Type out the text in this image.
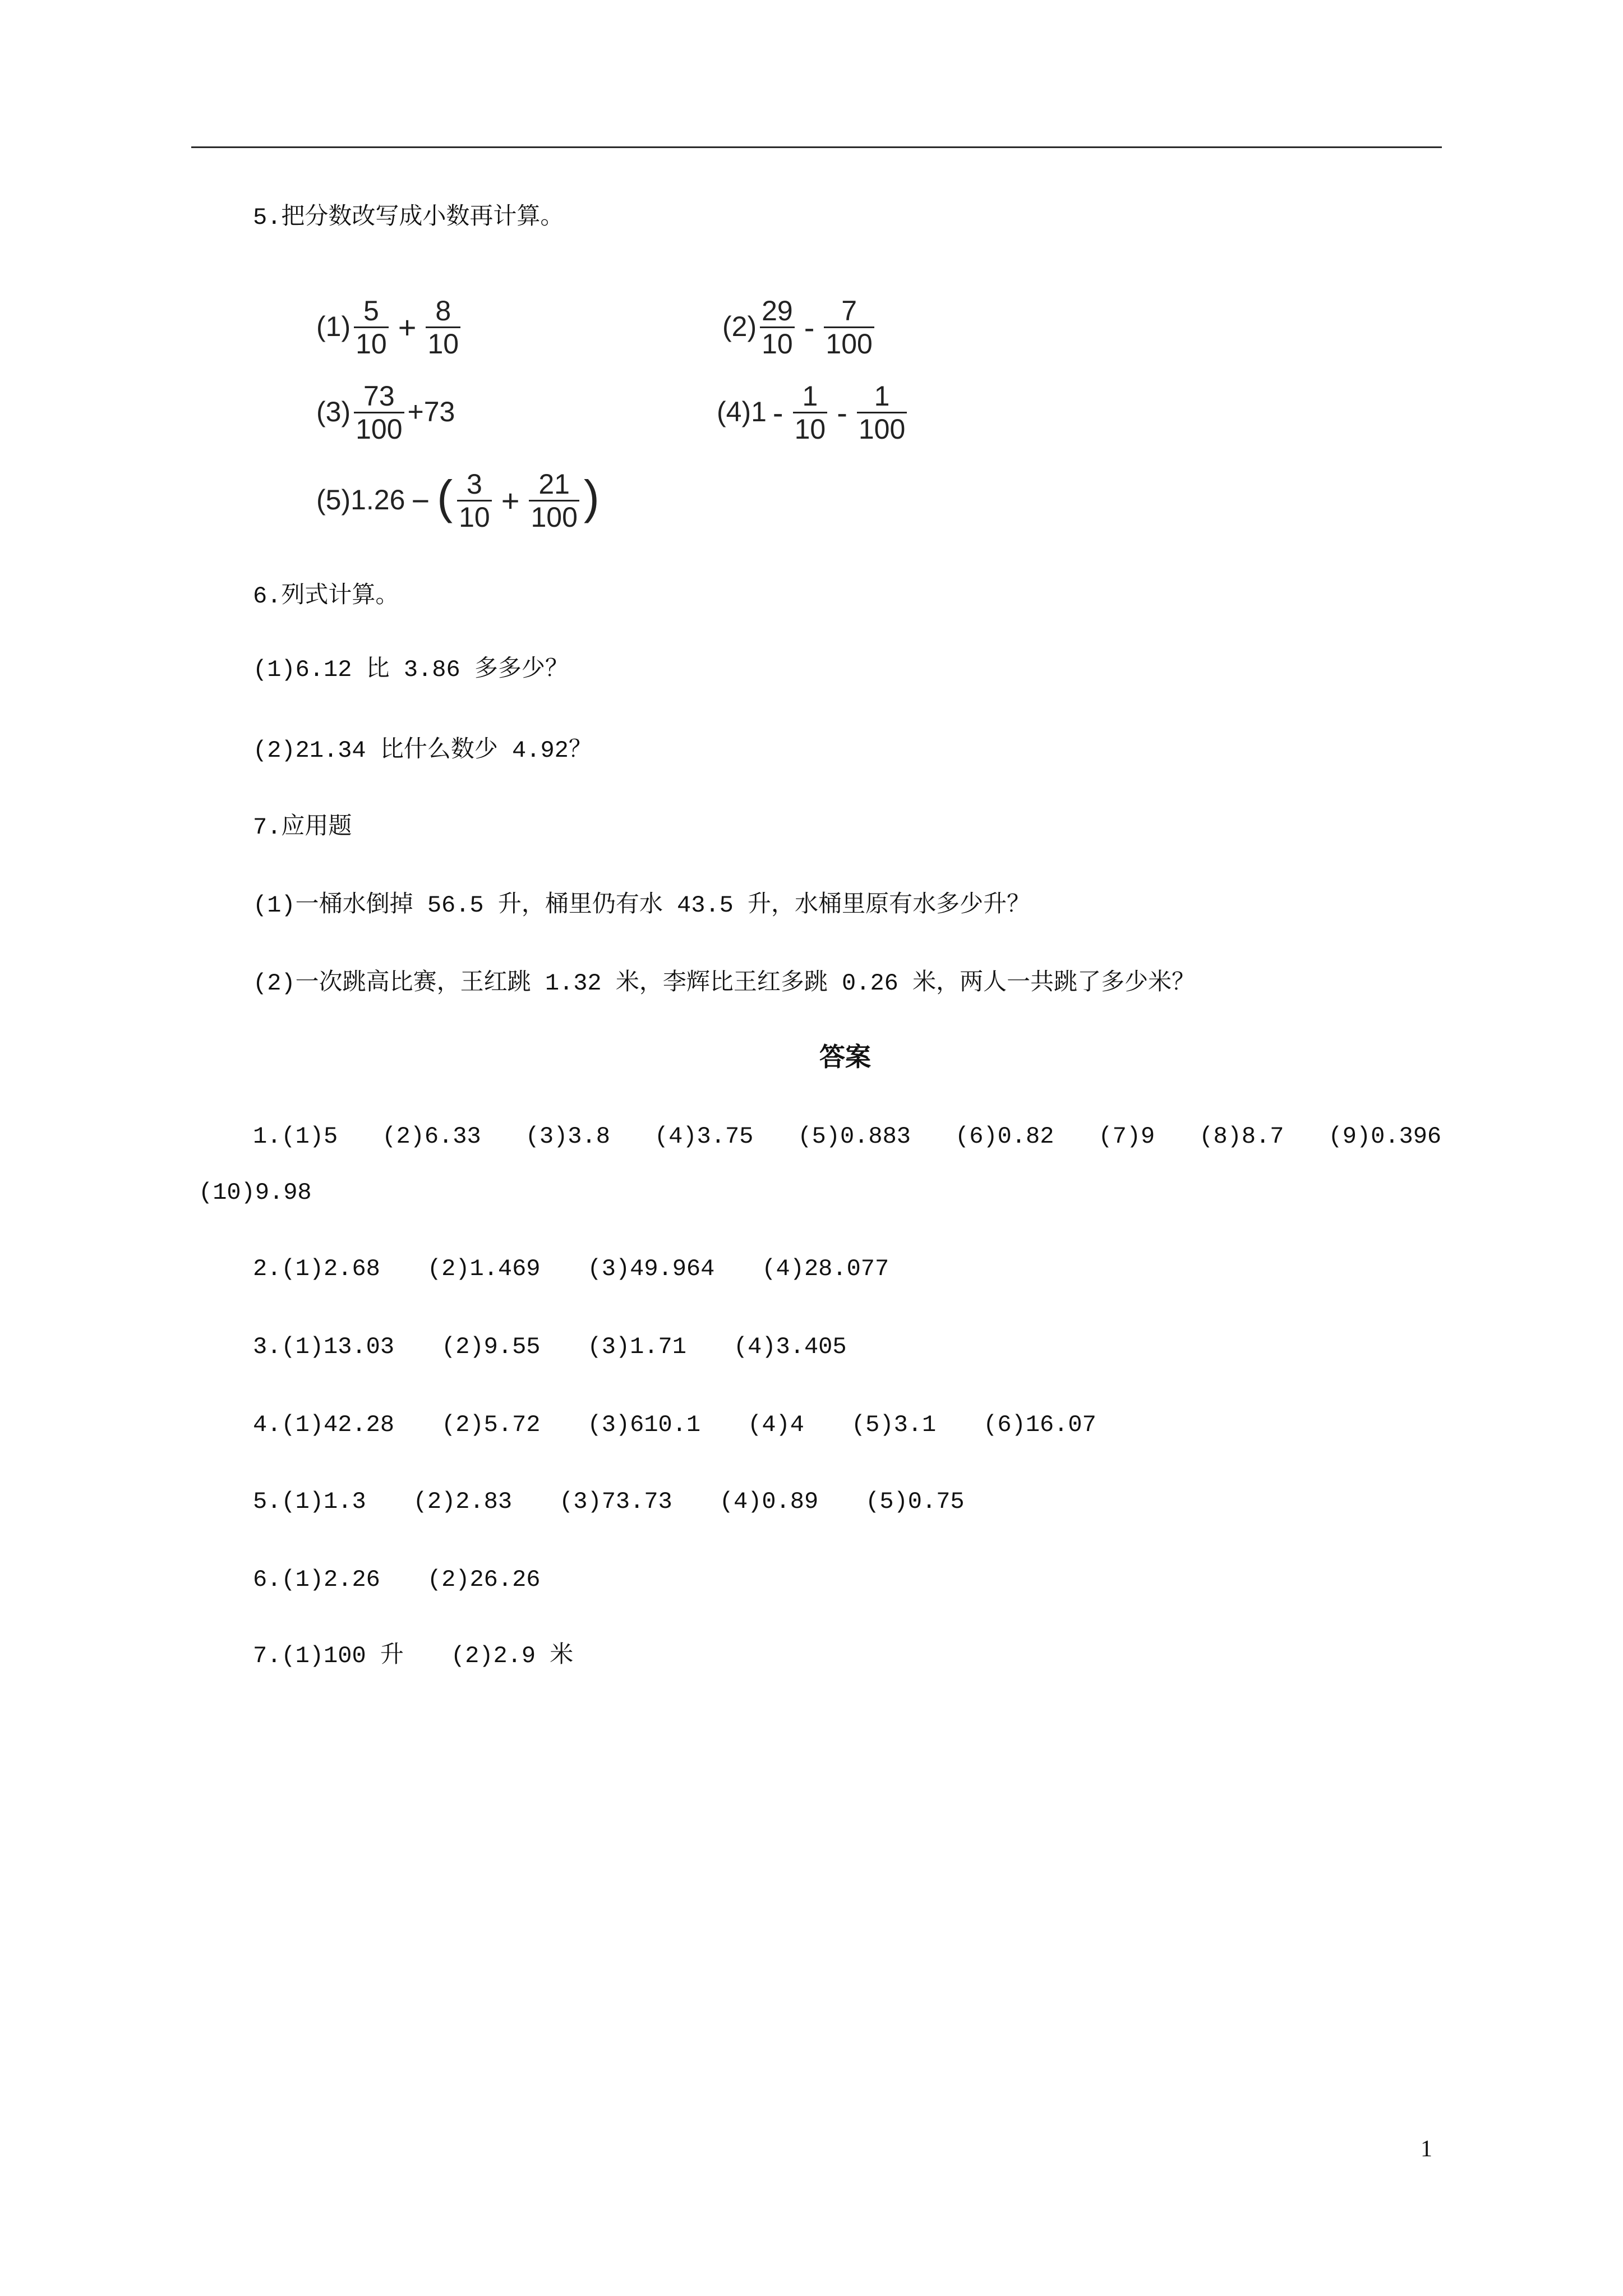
5.把分数改写成小数再计算。
$(1) \frac{5}{10} + \frac{8}{10}$	$(2) \frac{29}{10} - \frac{7}{100}$
$(3) \frac{73}{100} +73$	$(4)1 - \frac{1}{10} - \frac{1}{100}$
(5)1.26 − ( $\frac{3}{10} + \frac{21}{100}$ )
6.列式计算。
(1)6.12 比 3.86 多多少？
(2)21.34 比什么数少 4.92？
7.应用题
(1)一桶水倒掉 56.5 升，桶里仍有水 43.5 升，水桶里原有水多少升？
(2)一次跳高比赛，王红跳 1.32 米，李辉比王红多跳 0.26 米，两人一共跳了多少米？
答案
1.(1)5 (2)6.33 (3)3.8 (4)3.75 (5)0.883 (6)0.82 (7)9 (8)8.7 (9)0.396
(10)9.98
2.(1)2.68 (2)1.469 (3)49.964 (4)28.077
3.(1)13.03 (2)9.55 (3)1.71 (4)3.405
4.(1)42.28 (2)5.72 (3)610.1 (4)4 (5)3.1 (6)16.07
5.(1)1.3 (2)2.83 (3)73.73 (4)0.89 (5)0.75
6.(1)2.26 (2)26.26
7.(1)100 升 (2)2.9 米
1
